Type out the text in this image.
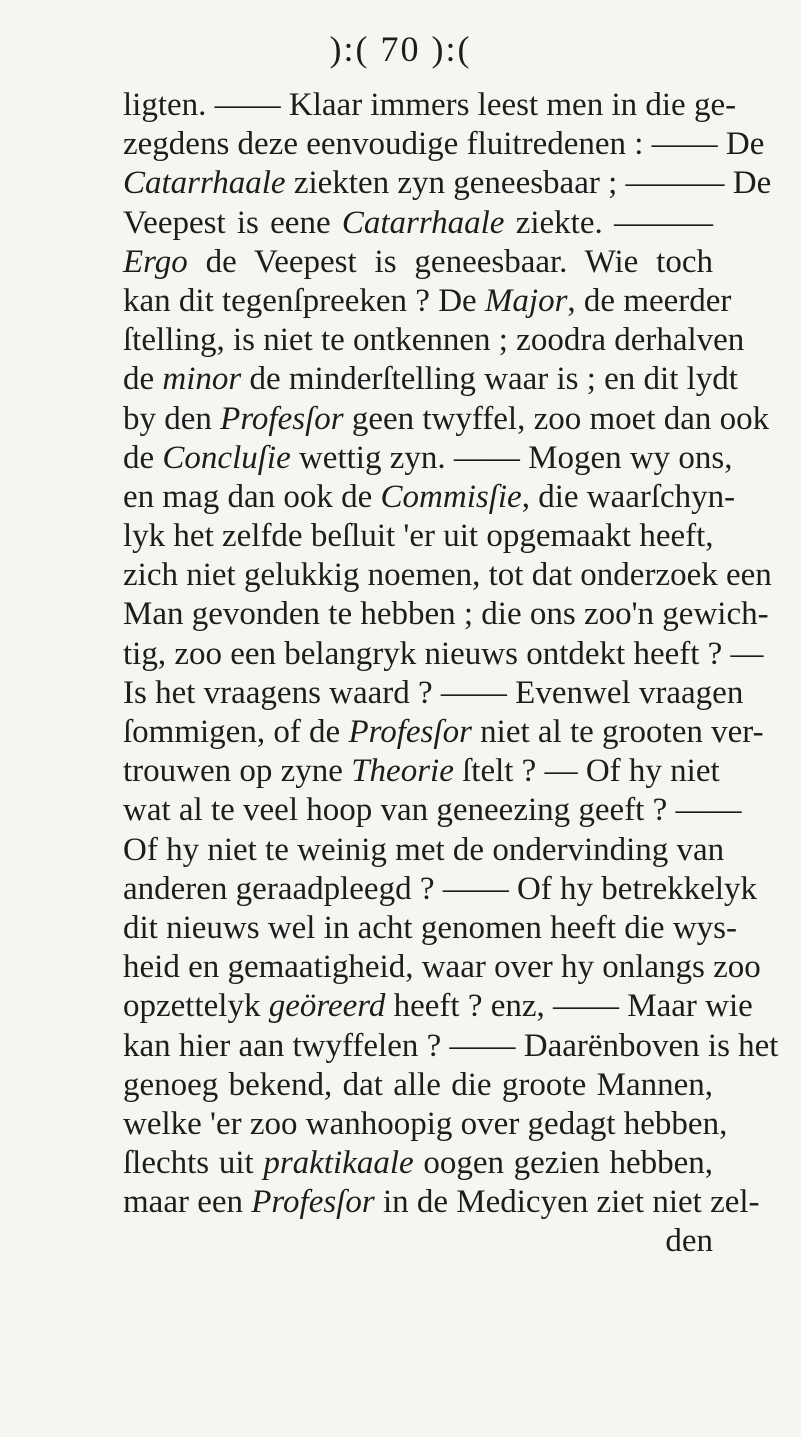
):( 70 ):(
ligten. —— Klaar immers leest men in die ge-
zegdens deze eenvoudige fluitredenen : —— De
Catarrhaale ziekten zyn geneesbaar ; ——— De
Veepest is eene Catarrhaale ziekte. ———
Ergo de Veepest is geneesbaar. Wie toch
kan dit tegenſpreeken ? De Major, de meerder
ſtelling, is niet te ontkennen ; zoodra derhalven
de minor de minderſtelling waar is ; en dit lydt
by den Profesſor geen twyffel, zoo moet dan ook
de Concluſie wettig zyn. —— Mogen wy ons,
en mag dan ook de Commisſie, die waarſchyn-
lyk het zelfde beſluit 'er uit opgemaakt heeft,
zich niet gelukkig noemen, tot dat onderzoek een
Man gevonden te hebben ; die ons zoo'n gewich-
tig, zoo een belangryk nieuws ontdekt heeft ? —
Is het vraagens waard ? —— Evenwel vraagen
ſommigen, of de Profesſor niet al te grooten ver-
trouwen op zyne Theorie ſtelt ? — Of hy niet
wat al te veel hoop van geneezing geeft ? ——
Of hy niet te weinig met de ondervinding van
anderen geraadpleegd ? —— Of hy betrekkelyk
dit nieuws wel in acht genomen heeft die wys-
heid en gemaatigheid, waar over hy onlangs zoo
opzettelyk geöreerd heeft ? enz, —— Maar wie
kan hier aan twyffelen ? —— Daarënboven is het
genoeg bekend, dat alle die groote Mannen,
welke 'er zoo wanhoopig over gedagt hebben,
ſlechts uit praktikaale oogen gezien hebben,
maar een Profesſor in de Medicyen ziet niet zel-
den
